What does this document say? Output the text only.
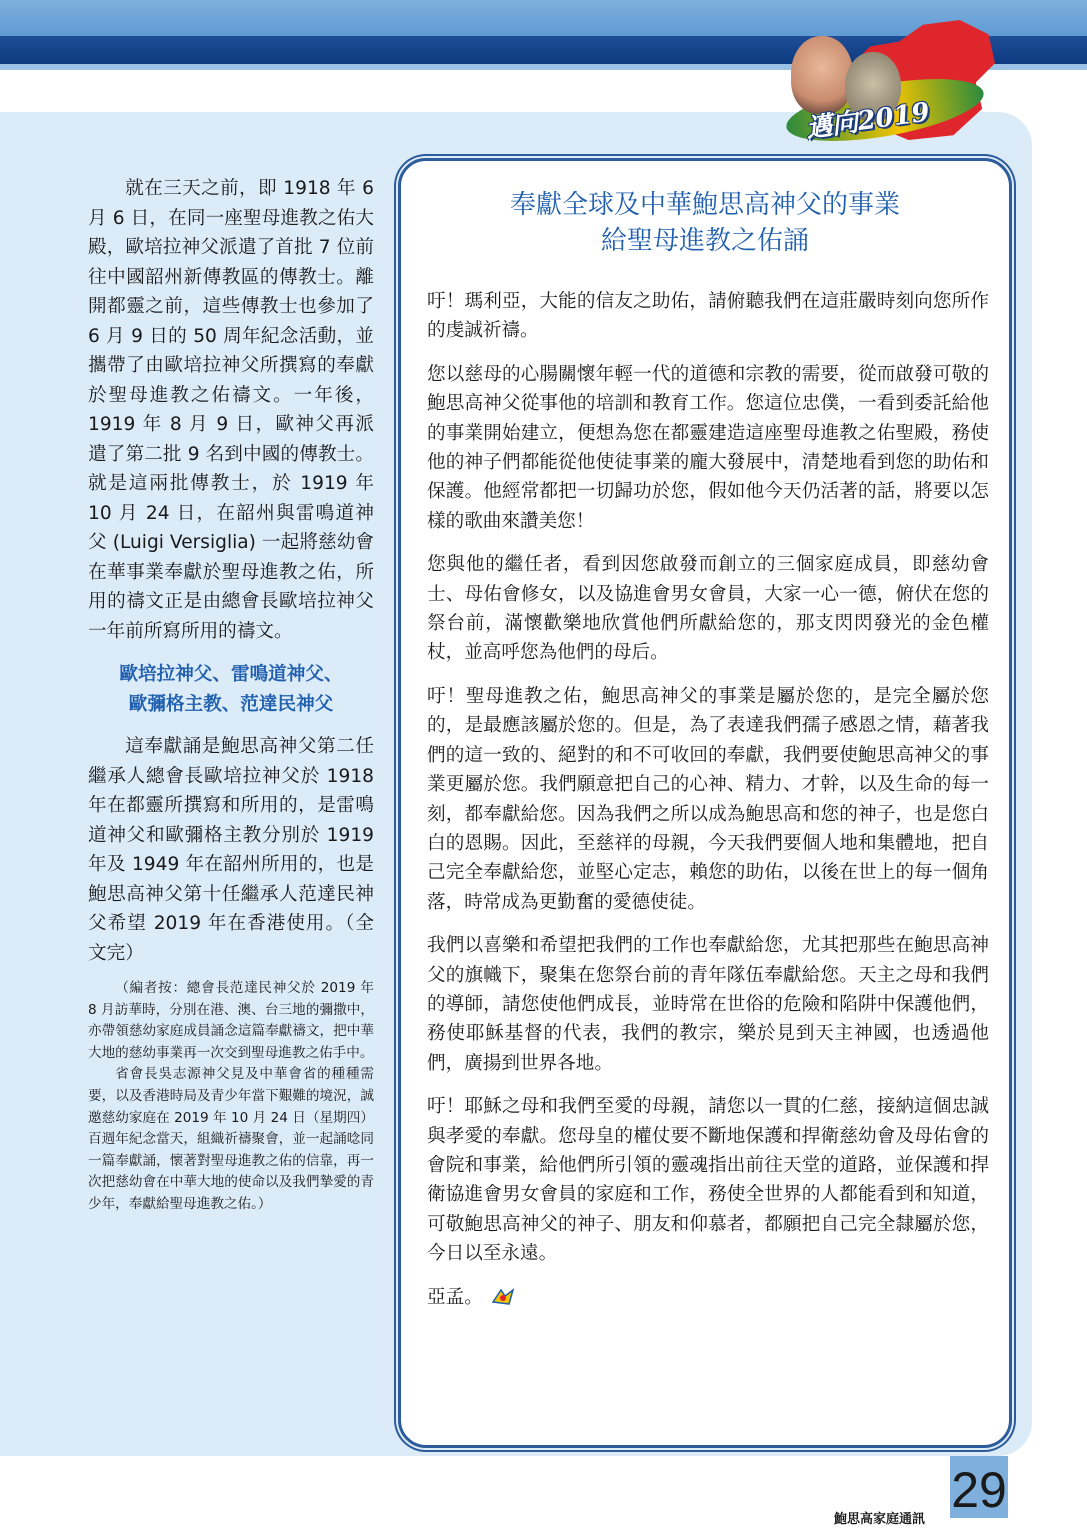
邁向2019

就在三天之前，即 1918 年 6 月 6 日，在同一座聖母進教之佑大殿，歐培拉神父派遣了首批 7 位前往中國韶州新傳教區的傳教士。離開都靈之前，這些傳教士也參加了 6 月 9 日的 50 周年紀念活動，並攜帶了由歐培拉神父所撰寫的奉獻於聖母進教之佑禱文。一年後，1919 年 8 月 9 日，歐神父再派遣了第二批 9 名到中國的傳教士。就是這兩批傳教士，於 1919 年 10 月 24 日，在韶州與雷鳴道神父 (Luigi Versiglia) 一起將慈幼會在華事業奉獻於聖母進教之佑，所用的禱文正是由總會長歐培拉神父一年前所寫所用的禱文。

歐培拉神父、雷鳴道神父、
歐彌格主教、范達民神父

這奉獻誦是鮑思高神父第二任繼承人總會長歐培拉神父於 1918 年在都靈所撰寫和所用的，是雷鳴道神父和歐彌格主教分別於 1919 年及 1949 年在韶州所用的，也是鮑思高神父第十任繼承人范達民神父希望 2019 年在香港使用。（全文完）

（編者按：總會長范達民神父於 2019 年 8 月訪華時，分別在港、澳、台三地的彌撒中，亦帶領慈幼家庭成員誦念這篇奉獻禱文，把中華大地的慈幼事業再一次交到聖母進教之佑手中。

省會長吳志源神父見及中華會省的種種需要，以及香港時局及青少年當下艱難的境況，誠邀慈幼家庭在 2019 年 10 月 24 日（星期四）百週年紀念當天，組織祈禱聚會，並一起誦唸同一篇奉獻誦，懷著對聖母進教之佑的信靠，再一次把慈幼會在中華大地的使命以及我們摯愛的青少年，奉獻給聖母進教之佑。）

奉獻全球及中華鮑思高神父的事業
給聖母進教之佑誦

吁！瑪利亞，大能的信友之助佑，請俯聽我們在這莊嚴時刻向您所作的虔誠祈禱。

您以慈母的心腸關懷年輕一代的道德和宗教的需要，從而啟發可敬的鮑思高神父從事他的培訓和教育工作。您這位忠僕，一看到委託給他的事業開始建立，便想為您在都靈建造這座聖母進教之佑聖殿，務使他的神子們都能從他使徒事業的龐大發展中，清楚地看到您的助佑和保護。他經常都把一切歸功於您，假如他今天仍活著的話，將要以怎樣的歌曲來讚美您！

您與他的繼任者，看到因您啟發而創立的三個家庭成員，即慈幼會士、母佑會修女，以及協進會男女會員，大家一心一德，俯伏在您的祭台前，滿懷歡樂地欣賞他們所獻給您的，那支閃閃發光的金色權杖，並高呼您為他們的母后。

吁！聖母進教之佑，鮑思高神父的事業是屬於您的，是完全屬於您的，是最應該屬於您的。但是，為了表達我們孺子感恩之情，藉著我們的這一致的、絕對的和不可收回的奉獻，我們要使鮑思高神父的事業更屬於您。我們願意把自己的心神、精力、才幹，以及生命的每一刻，都奉獻給您。因為我們之所以成為鮑思高和您的神子，也是您白白的恩賜。因此，至慈祥的母親，今天我們要個人地和集體地，把自己完全奉獻給您，並堅心定志，賴您的助佑，以後在世上的每一個角落，時常成為更勤奮的愛德使徒。

我們以喜樂和希望把我們的工作也奉獻給您，尤其把那些在鮑思高神父的旗幟下，聚集在您祭台前的青年隊伍奉獻給您。天主之母和我們的導師，請您使他們成長，並時常在世俗的危險和陷阱中保護他們，務使耶穌基督的代表，我們的教宗，樂於見到天主神國，也透過他們，廣揚到世界各地。

吁！耶穌之母和我們至愛的母親，請您以一貫的仁慈，接納這個忠誠與孝愛的奉獻。您母皇的權仗要不斷地保護和捍衛慈幼會及母佑會的會院和事業，給他們所引領的靈魂指出前往天堂的道路，並保護和捍衛協進會男女會員的家庭和工作，務使全世界的人都能看到和知道，可敬鮑思高神父的神子、朋友和仰慕者，都願把自己完全隸屬於您，今日以至永遠。

亞孟。

鮑思高家庭通訊
29
